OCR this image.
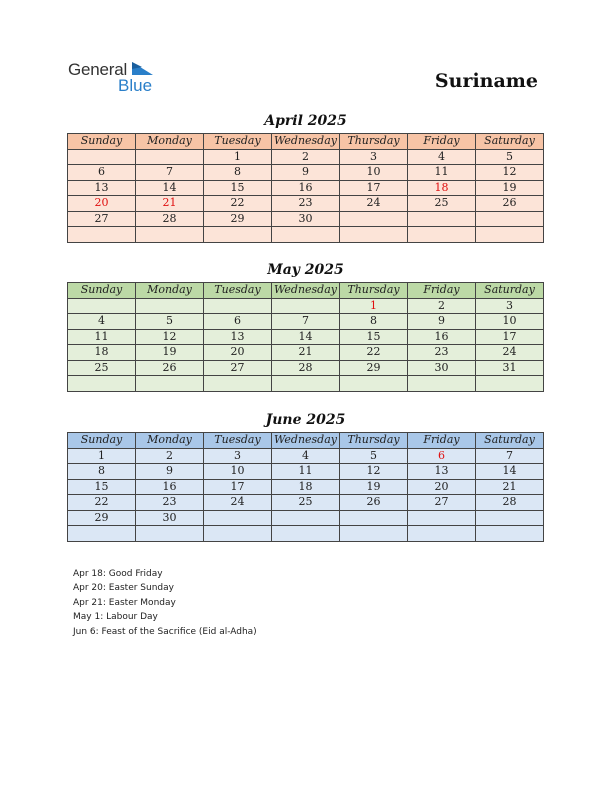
General
Blue	Suriname
April 2025
Sunday	Monday	Tuesday	Wednesday	Thursday	Friday	Saturday
		1	2	3	4	5
6	7	8	9	10	11	12
13	14	15	16	17	18	19
20	21	22	23	24	25	26
27	28	29	30			

May 2025
Sunday	Monday	Tuesday	Wednesday	Thursday	Friday	Saturday
				1	2	3
4	5	6	7	8	9	10
11	12	13	14	15	16	17
18	19	20	21	22	23	24
25	26	27	28	29	30	31

June 2025
Sunday	Monday	Tuesday	Wednesday	Thursday	Friday	Saturday
1	2	3	4	5	6	7
8	9	10	11	12	13	14
15	16	17	18	19	20	21
22	23	24	25	26	27	28
29	30					

Apr 18: Good Friday
Apr 20: Easter Sunday
Apr 21: Easter Monday
May 1: Labour Day
Jun 6: Feast of the Sacrifice (Eid al-Adha)
